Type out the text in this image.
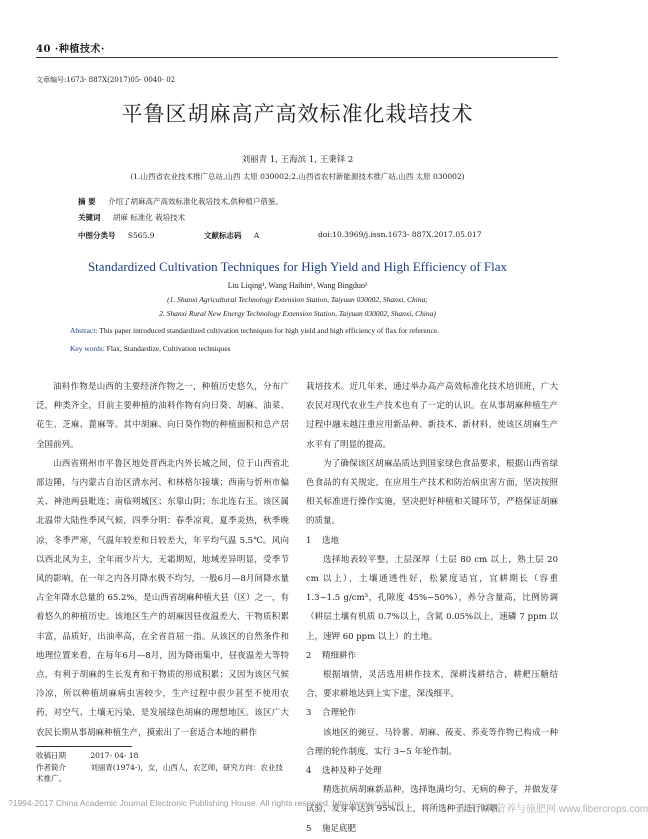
40 ·种植技术·
文章编号:1673- 887X(2017)05- 0040- 02
平鲁区胡麻高产高效标准化栽培技术
刘丽青 1, 王海滨 1, 王秉铎 2
(1.山西省农业技术推广总站,山西 太原 030002;2.山西省农村新能源技术推广站,山西 太原 030002)
摘 要 介绍了胡麻高产高效标准化栽培技术,供种植户借鉴。
关键词 胡麻 标准化 栽培技术
中图分类号 S565.9	文献标志码 A	doi:10.3969/j.issn.1673- 887X.2017.05.017
Standardized Cultivation Techniques for High Yield and High Efficiency of Flax
Liu Liqing¹, Wang Haibin¹, Wang Bingduo²
(1. Shanxi Agricultural Technology Extension Station, Taiyuan 030002, Shanxi, China;
2. Shanxi Rural New Energy Technology Extension Station, Taiyuan 030002, Shanxi, China)
Abstract: This paper introduced standardized cultivation techniques for high yield and high efficiency of flax for reference.
Key words: Flax, Standardize, Cultivation techniques

油料作物是山西的主要经济作物之一，种植历史悠久，分布广泛，种类齐全，目前主要种植的油料作物有向日葵、胡麻、油菜、花生、芝麻、蓖麻等。其中胡麻、向日葵作物的种植面积和总产居全国前列。

山西省朔州市平鲁区地处晋西北内外长城之间，位于山西省北部边陲，与内蒙古自治区清水河、和林格尔接壤；西南与忻州市偏关、神池两县毗连；南临朔城区；东靠山阴；东北连右玉。该区属北温带大陆性季风气候，四季分明：春季凉爽，夏季炎热，秋季晚凉，冬季严寒，气温年较差和日较差大，年平均气温 5.5℃。风向以西北风为主，全年雨少片大，无霜期短，地域差异明显，受季节风的影响，在一年之内各月降水极不均匀，一般6月—8月间降水量占全年降水总量的 65.2%，是山西省胡麻种植大县（区）之一，有着悠久的种植历史。该地区生产的胡麻因昼夜温差大，干物质积累丰富，品质好，出油率高，在全省首屈一指。从该区的自然条件和地理位置来看，在每年6月—8月，因为降雨集中，昼夜温差大等特点，有利于胡麻的生长发育和干物质的形成积累；又因为该区气候冷凉，所以种植胡麻病虫害较少，生产过程中很少甚至不使用农药，对空气、土壤无污染，是发展绿色胡麻的理想地区。该区广大农民长期从事胡麻种植生产，摸索出了一套适合本地的耕作

栽培技术。近几年来，通过举办高产高效标准化技术培训班，广大农民对现代农业生产技术也有了一定的认识。在从事胡麻种植生产过程中融未越注重应用新品种、新技术、新材料，使该区胡麻生产水平有了明显的提高。

为了确保该区胡麻品质达到国家绿色食品要求，根据山西省绿色食品的有关规定，在应用生产技术和防治病虫害方面，坚决按照相关标准进行操作实施，坚决把好种植和关键环节，严格保证胡麻的质量。

1 选地

选择地表较平整，土层深厚（土层 80 cm 以上，熟土层 20 cm 以上），土壤通透性好，松紧度适宜，宜耕期长（容重 1.3~1.5 g/cm³，孔隙度 45%~50%），养分含量高，比例协调（耕层土壤有机质 0.7%以上，含氮 0.05%以上，速磷 7 ppm 以上，速钾 60 ppm 以上）的土地。

2 精细耕作

根据墒情，灵活选用耕作技术，深耕浅耕结合，耕耙压糖结合，要求耕地达到上实下虚，深浅细平。

3 合理轮作

该地区的豌豆、马铃薯、胡麻、莜麦、荞麦等作物已构成一种合理的轮作制度，实行 3~5 年轮作制。

4 选种及种子处理

精选抗病胡麻新品种，选择饱满均匀、无病的种子，并做发芽试验，发芽率达到 95%以上，将所选种子进行晾晒。

5 施足底肥
收稿日期	2017- 04- 18
作者简介	刘丽青(1974-)，女，山西人，农艺师，研究方向：农业技术推广。
?1994-2017 China Academic Journal Electronic Publishing House. All rights reserved. http://www.cnki.net
藤瑞作物营养与施肥网 www.fibercrops.com
